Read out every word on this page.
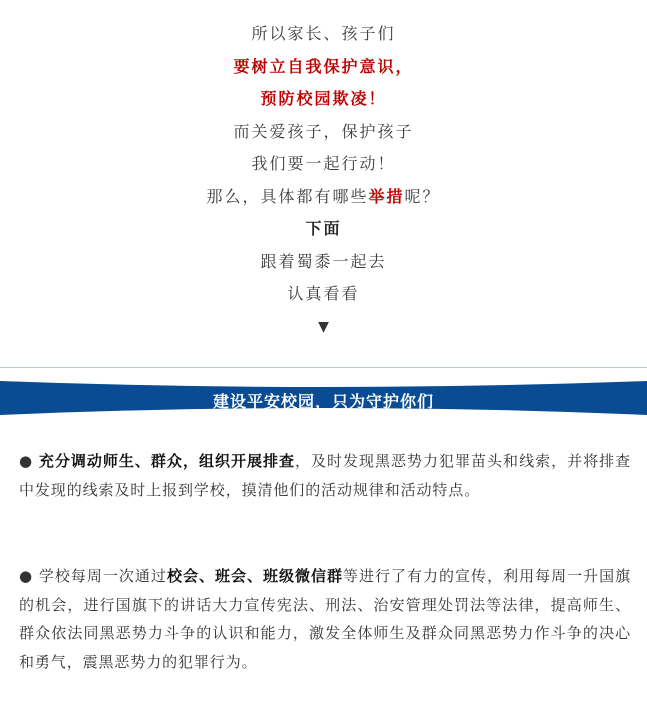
所以家长、孩子们
要树立自我保护意识，
预防校园欺凌！
而关爱孩子，保护孩子
我们要一起行动！
那么，具体都有哪些举措呢？
下面
跟着蜀黍一起去
认真看看
▼
建设平安校园，只为守护你们
● 充分调动师生、群众，组织开展排查，及时发现黑恶势力犯罪苗头和线索，并将排查中发现的线索及时上报到学校，摸清他们的活动规律和活动特点。
● 学校每周一次通过校会、班会、班级微信群等进行了有力的宣传，利用每周一升国旗的机会，进行国旗下的讲话大力宣传宪法、刑法、治安管理处罚法等法律，提高师生、群众依法同黑恶势力斗争的认识和能力，激发全体师生及群众同黑恶势力作斗争的决心和勇气，震黑恶势力的犯罪行为。
